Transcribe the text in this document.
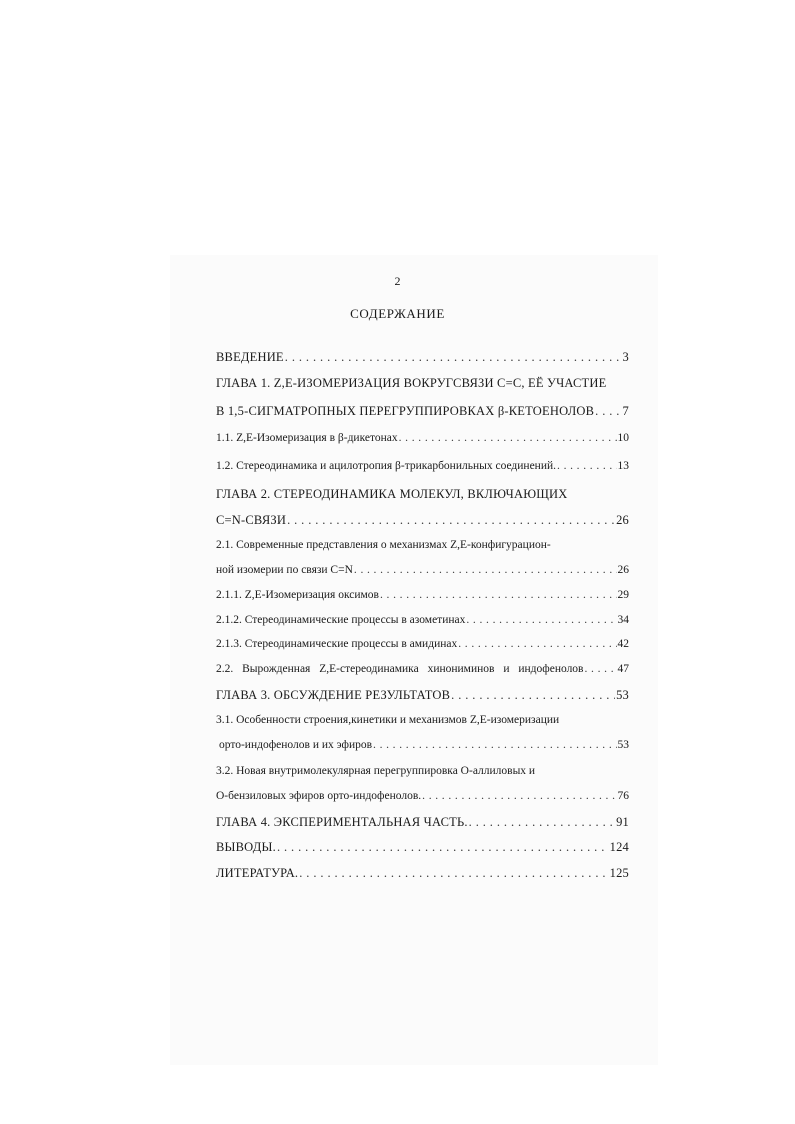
2
СОДЕРЖАНИЕ
ВВЕДЕНИЕ . . .	3
ГЛАВА 1. Z,E-ИЗОМЕРИЗАЦИЯ ВОКРУГСВЯЗИ С=С, ЕЁ УЧАСТИЕ
В 1,5-СИГМАТРОПНЫХ ПЕРЕГРУППИРОВКАХ β-КЕТОЕНОЛОВ . . . 7
1.1. Z,E-Изомеризация в β-дикетонах . . .	10
1.2. Стереодинамика и ацилотропия β-трикарбонильных соединений. . . .	13
ГЛАВА 2. СТЕРЕОДИНАМИКА МОЛЕКУЛ, ВКЛЮЧАЮЩИХ
C=N-СВЯЗИ . . .	26
2.1. Современные представления о механизмах Z,E-конфигурацион-
ной изомерии по связи C=N . . .	26
2.1.1. Z,E-Изомеризация оксимов . . .	29
2.1.2. Стереодинамические процессы в азометинах . . .	34
2.1.3. Стереодинамические процессы в амидинах . . .	42
2.2. Вырожденная Z,E-стереодинамика хинониминов и индофенолов . . .	47
ГЛАВА 3. ОБСУЖДЕНИЕ РЕЗУЛЬТАТОВ . . .	53
3.1. Особенности строения,кинетики и механизмов Z,E-изомеризации
орто-индофенолов и их эфиров . . .	53
3.2. Новая внутримолекулярная перегруппировка О-аллиловых и
О-бензиловых эфиров орто-индофенолов. . . .	76
ГЛАВА 4. ЭКСПЕРИМЕНТАЛЬНАЯ ЧАСТЬ. . . .	91
ВЫВОДЫ. . . .	124
ЛИТЕРАТУРА. . . .	125
